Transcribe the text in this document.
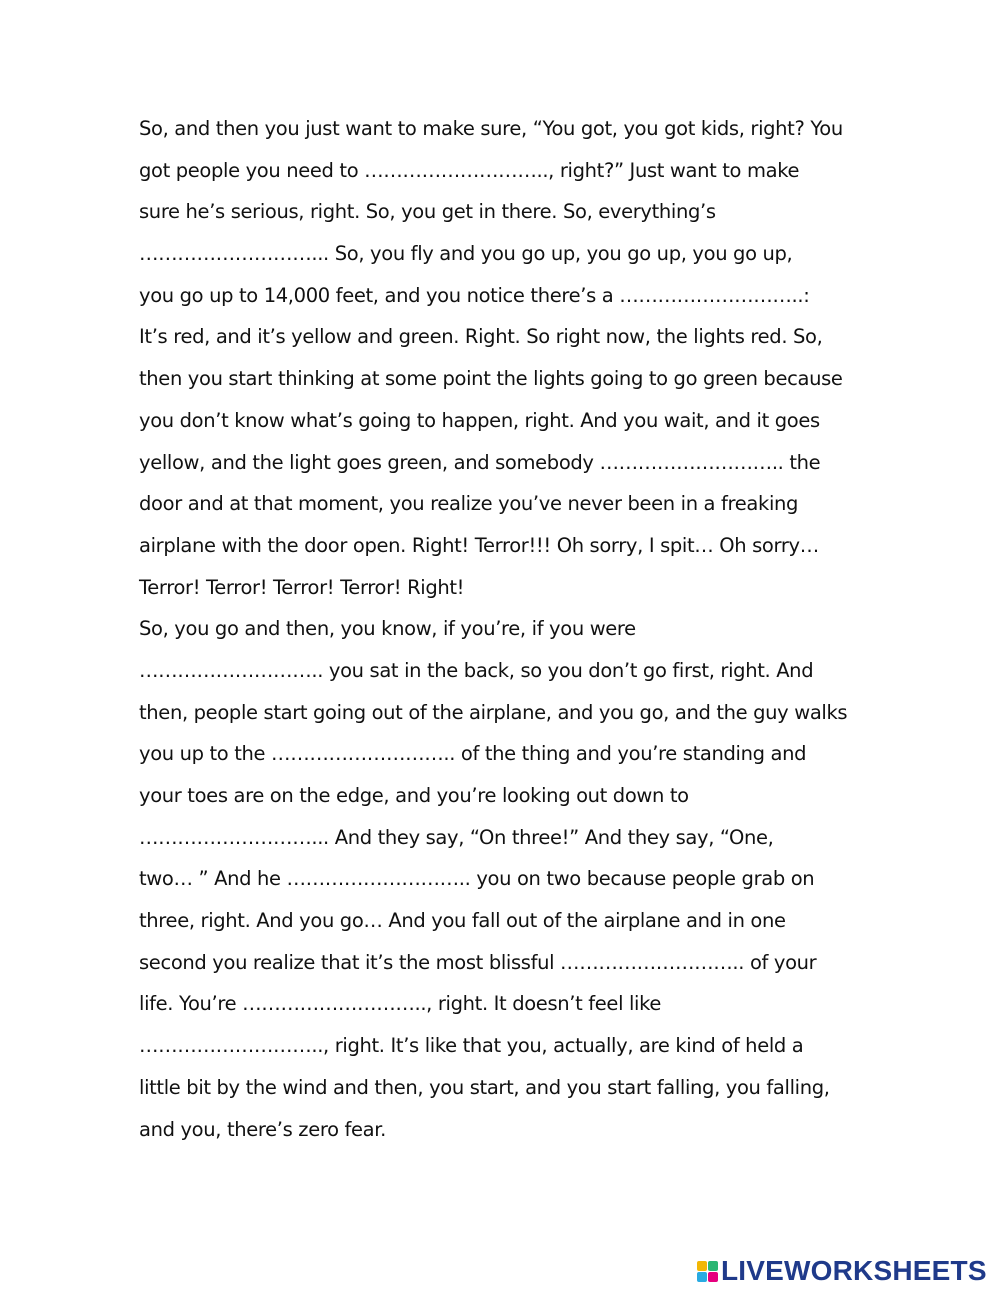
So, and then you just want to make sure, “You got, you got kids, right? You
got people you need to ……………………….., right?” Just want to make
sure he’s serious, right. So, you get in there. So, everything’s
………………………... So, you fly and you go up, you go up, you go up,
you go up to 14,000 feet, and you notice there’s a ………………………..:
It’s red, and it’s yellow and green. Right. So right now, the lights red. So,
then you start thinking at some point the lights going to go green because
you don’t know what’s going to happen, right. And you wait, and it goes
yellow, and the light goes green, and somebody ……………………….. the
door and at that moment, you realize you’ve never been in a freaking
airplane with the door open. Right! Terror!!! Oh sorry, I spit… Oh sorry…
Terror! Terror! Terror! Terror! Right!
So, you go and then, you know, if you’re, if you were
……………………….. you sat in the back, so you don’t go first, right. And
then, people start going out of the airplane, and you go, and the guy walks
you up to the ……………………….. of the thing and you’re standing and
your toes are on the edge, and you’re looking out down to
………………………... And they say, “On three!” And they say, “One,
two… ” And he ……………………….. you on two because people grab on
three, right. And you go… And you fall out of the airplane and in one
second you realize that it’s the most blissful ……………………….. of your
life. You’re ……………………….., right. It doesn’t feel like
……………………….., right. It’s like that you, actually, are kind of held a
little bit by the wind and then, you start, and you start falling, you falling,
and you, there’s zero fear.
LIVEWORKSHEETS
